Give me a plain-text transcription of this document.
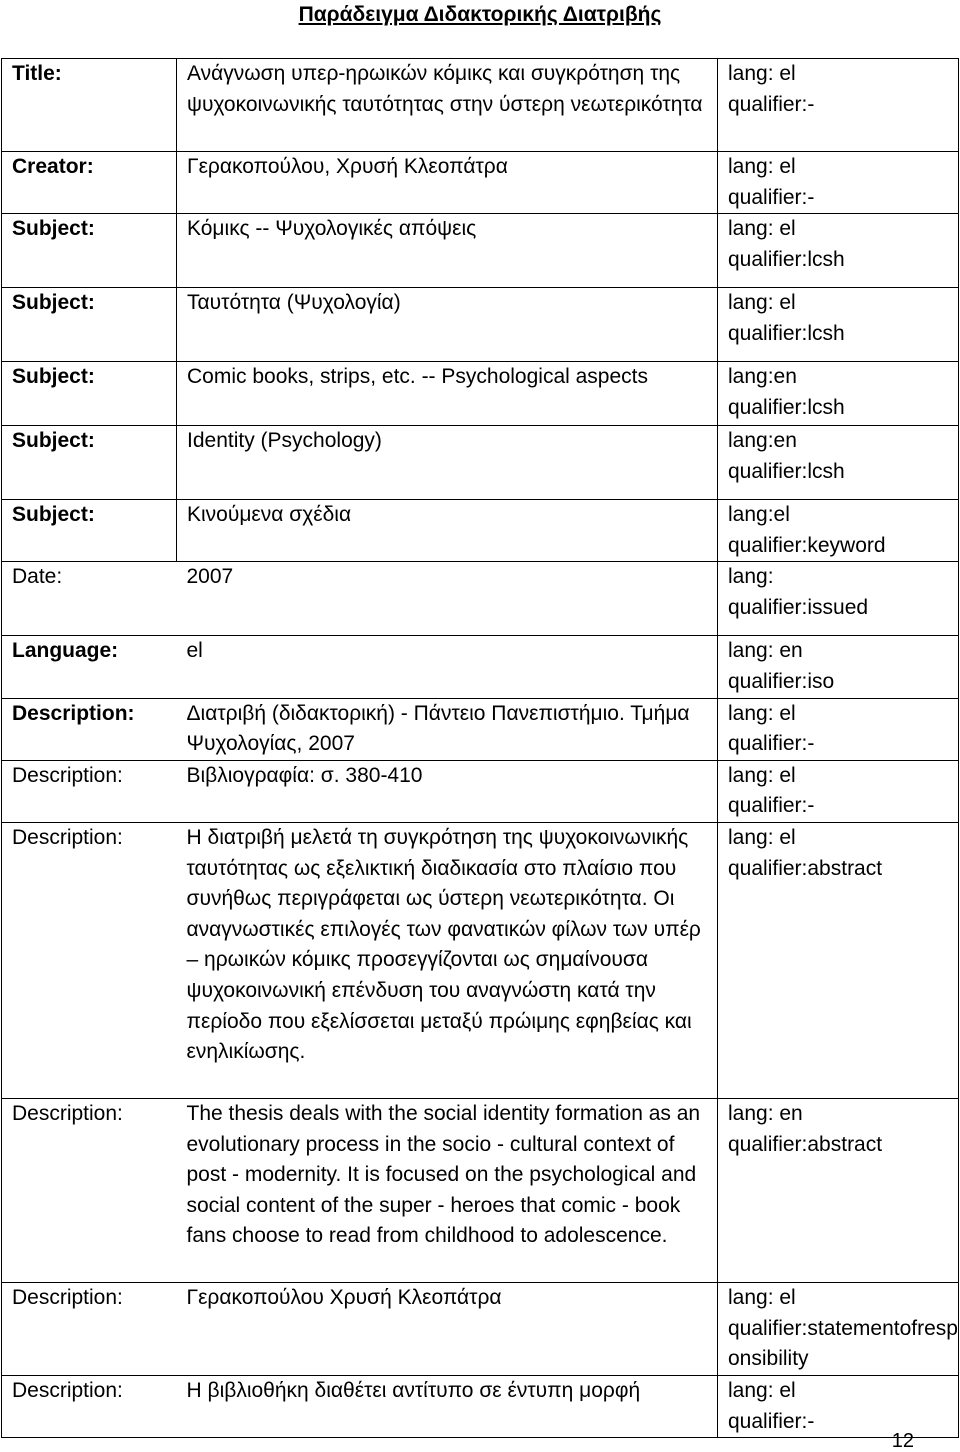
Παράδειγμα Διδακτορικής Διατριβής
Title:	Ανάγνωση υπερ-ηρωικών κόμικς και συγκρότηση της ψυχοκοινωνικής ταυτότητας στην ύστερη νεωτερικότητα	lang: el
qualifier:-

Creator:	Γερακοπούλου, Χρυσή Κλεοπάτρα	lang: el
qualifier:-

Subject:	Κόμικς -- Ψυχολογικές απόψεις	lang: el
qualifier:lcsh

Subject:	Ταυτότητα (Ψυχολογία)	lang: el
qualifier:lcsh

Subject:	Comic books, strips, etc. -- Psychological aspects	lang:en
qualifier:lcsh

Subject:	Identity (Psychology)	lang:en
qualifier:lcsh

Subject:	Κινούμενα σχέδια	lang:el
qualifier:keyword

Date:	2007	lang:
qualifier:issued

Language:	el	lang: en
qualifier:iso

Description:	Διατριβή (διδακτορική) - Πάντειο Πανεπιστήμιο. Τμήμα Ψυχολογίας, 2007	lang: el
qualifier:-

Description:	Βιβλιογραφία: σ. 380-410	lang: el
qualifier:-

Description:	Η διατριβή μελετά τη συγκρότηση της ψυχοκοινωνικής ταυτότητας ως εξελικτική διαδικασία στο πλαίσιο που συνήθως περιγράφεται ως ύστερη νεωτερικότητα. Οι αναγνωστικές επιλογές των φανατικών φίλων των υπέρ – ηρωικών κόμικς προσεγγίζονται ως σημαίνουσα ψυχοκοινωνική επένδυση του αναγνώστη κατά την περίοδο που εξελίσσεται μεταξύ πρώιμης εφηβείας και ενηλικίωσης.	lang: el
qualifier:abstract

Description:	The thesis deals with the social identity formation as an evolutionary process in the socio - cultural context of post - modernity. It is focused on the psychological and social content of the super - heroes that comic - book fans choose to read from childhood to adolescence.	lang: en
qualifier:abstract

Description:	Γερακοπούλου Χρυσή Κλεοπάτρα	lang: el
qualifier:statementofresponsibility

Description:	Η βιβλιοθήκη διαθέτει αντίτυπο σε έντυπη μορφή	lang: el
qualifier:-
12
